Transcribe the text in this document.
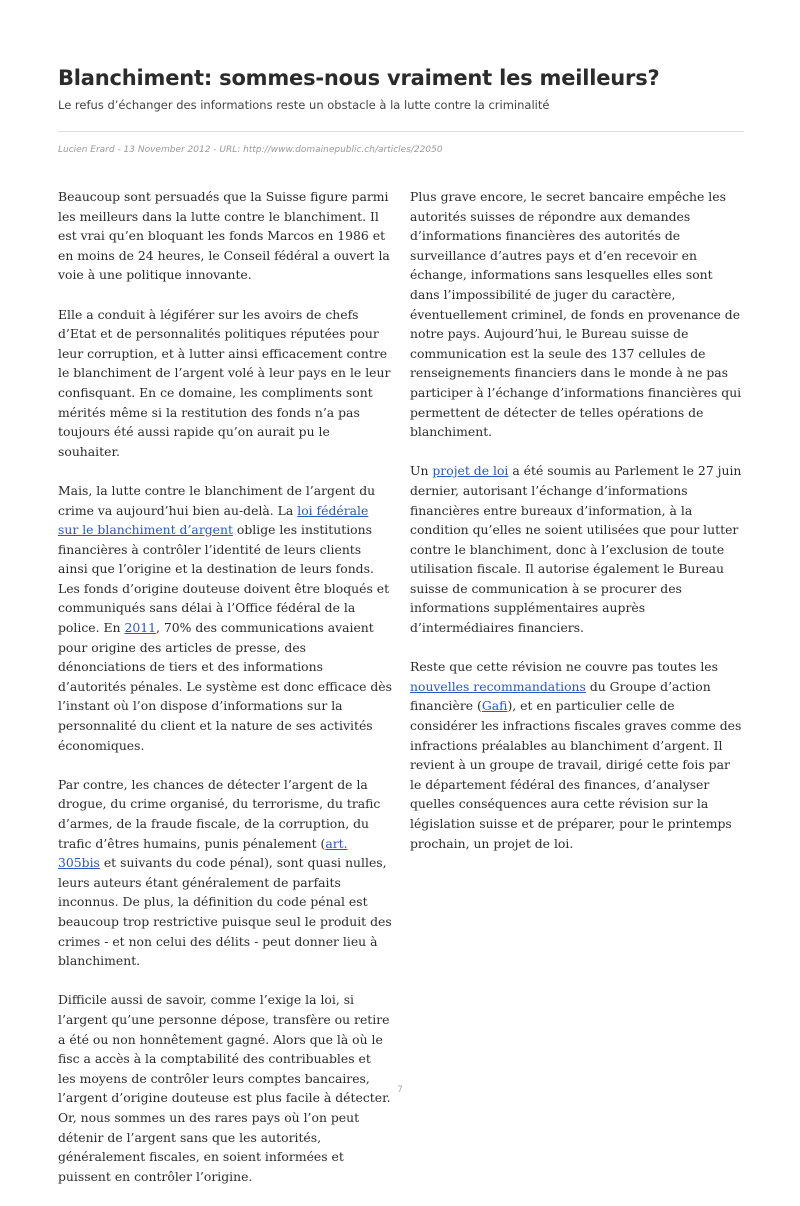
Blanchiment: sommes-nous vraiment les meilleurs?

Le refus d’échanger des informations reste un obstacle à la lutte contre la criminalité

Lucien Erard - 13 November 2012 - URL: http://www.domainepublic.ch/articles/22050

Beaucoup sont persuadés que la Suisse figure parmi les meilleurs dans la lutte contre le blanchiment. Il est vrai qu’en bloquant les fonds Marcos en 1986 et en moins de 24 heures, le Conseil fédéral a ouvert la voie à une politique innovante.

Elle a conduit à légiférer sur les avoirs de chefs d’Etat et de personnalités politiques réputées pour leur corruption, et à lutter ainsi efficacement contre le blanchiment de l’argent volé à leur pays en le leur confisquant. En ce domaine, les compliments sont mérités même si la restitution des fonds n’a pas toujours été aussi rapide qu’on aurait pu le souhaiter.

Mais, la lutte contre le blanchiment de l’argent du crime va aujourd’hui bien au-delà. La loi fédérale sur le blanchiment d’argent oblige les institutions financières à contrôler l’identité de leurs clients ainsi que l’origine et la destination de leurs fonds. Les fonds d’origine douteuse doivent être bloqués et communiqués sans délai à l’Office fédéral de la police. En 2011, 70% des communications avaient pour origine des articles de presse, des dénonciations de tiers et des informations d’autorités pénales. Le système est donc efficace dès l’instant où l’on dispose d’informations sur la personnalité du client et la nature de ses activités économiques.

Par contre, les chances de détecter l’argent de la drogue, du crime organisé, du terrorisme, du trafic d’armes, de la fraude fiscale, de la corruption, du trafic d’êtres humains, punis pénalement (art. 305bis et suivants du code pénal), sont quasi nulles, leurs auteurs étant généralement de parfaits inconnus. De plus, la définition du code pénal est beaucoup trop restrictive puisque seul le produit des crimes - et non celui des délits - peut donner lieu à blanchiment.

Difficile aussi de savoir, comme l’exige la loi, si l’argent qu’une personne dépose, transfère ou retire a été ou non honnêtement gagné. Alors que là où le fisc a accès à la comptabilité des contribuables et les moyens de contrôler leurs comptes bancaires, l’argent d’origine douteuse est plus facile à détecter. Or, nous sommes un des rares pays où l’on peut détenir de l’argent sans que les autorités, généralement fiscales, en soient informées et puissent en contrôler l’origine.

Plus grave encore, le secret bancaire empêche les autorités suisses de répondre aux demandes d’informations financières des autorités de surveillance d’autres pays et d’en recevoir en échange, informations sans lesquelles elles sont dans l’impossibilité de juger du caractère, éventuellement criminel, de fonds en provenance de notre pays. Aujourd’hui, le Bureau suisse de communication est la seule des 137 cellules de renseignements financiers dans le monde à ne pas participer à l’échange d’informations financières qui permettent de détecter de telles opérations de blanchiment.

Un projet de loi a été soumis au Parlement le 27 juin dernier, autorisant l’échange d’informations financières entre bureaux d’information, à la condition qu’elles ne soient utilisées que pour lutter contre le blanchiment, donc à l’exclusion de toute utilisation fiscale. Il autorise également le Bureau suisse de communication à se procurer des informations supplémentaires auprès d’intermédiaires financiers.

Reste que cette révision ne couvre pas toutes les nouvelles recommandations du Groupe d’action financière (Gafi), et en particulier celle de considérer les infractions fiscales graves comme des infractions préalables au blanchiment d’argent. Il revient à un groupe de travail, dirigé cette fois par le département fédéral des finances, d’analyser quelles conséquences aura cette révision sur la législation suisse et de préparer, pour le printemps prochain, un projet de loi.

7
